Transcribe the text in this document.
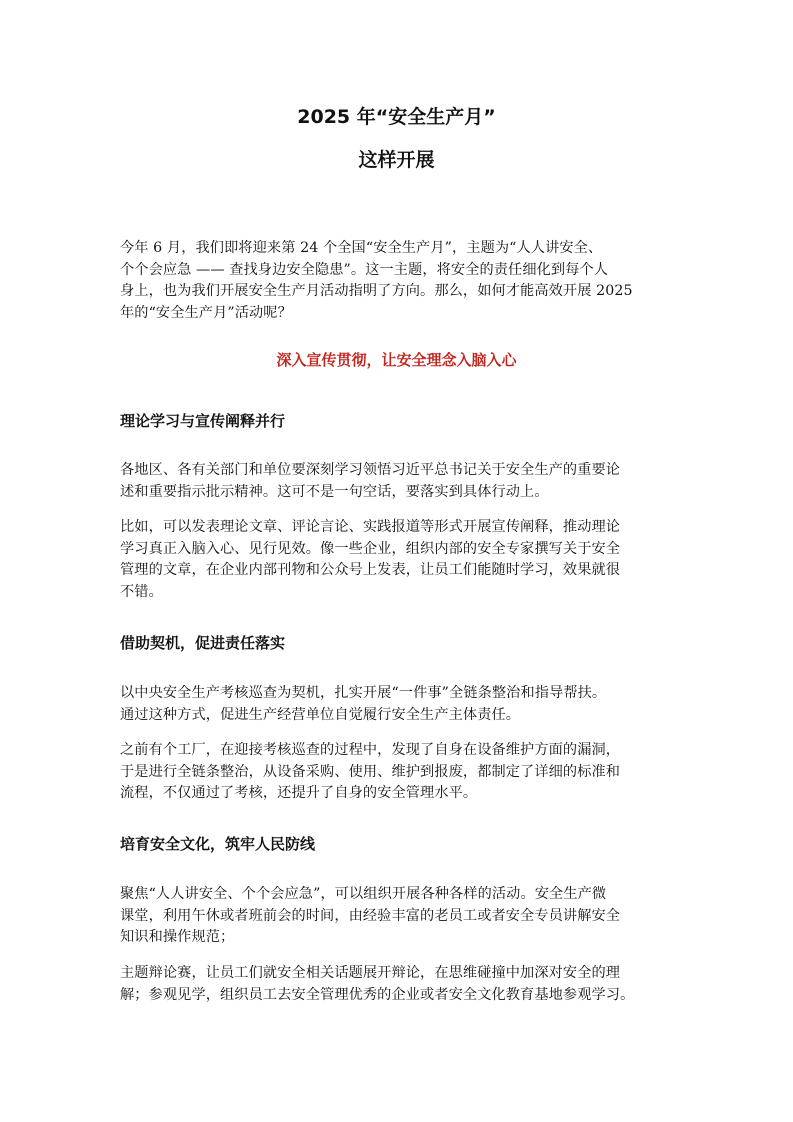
2025 年“安全生产月”
这样开展

今年 6 月，我们即将迎来第 24 个全国“安全生产月”，主题为“人人讲安全、
个个会应急 —— 查找身边安全隐患”。这一主题，将安全的责任细化到每个人
身上，也为我们开展安全生产月活动指明了方向。那么，如何才能高效开展 2025
年的“安全生产月”活动呢？

深入宣传贯彻，让安全理念入脑入心
理论学习与宣传阐释并行

各地区、各有关部门和单位要深刻学习领悟习近平总书记关于安全生产的重要论
述和重要指示批示精神。这可不是一句空话，要落实到具体行动上。

比如，可以发表理论文章、评论言论、实践报道等形式开展宣传阐释，推动理论
学习真正入脑入心、见行见效。像一些企业，组织内部的安全专家撰写关于安全
管理的文章，在企业内部刊物和公众号上发表，让员工们能随时学习，效果就很
不错。

借助契机，促进责任落实

以中央安全生产考核巡查为契机，扎实开展“一件事”全链条整治和指导帮扶。
通过这种方式，促进生产经营单位自觉履行安全生产主体责任。

之前有个工厂，在迎接考核巡查的过程中，发现了自身在设备维护方面的漏洞，
于是进行全链条整治，从设备采购、使用、维护到报废，都制定了详细的标准和
流程，不仅通过了考核，还提升了自身的安全管理水平。

培育安全文化，筑牢人民防线

聚焦“人人讲安全、个个会应急”，可以组织开展各种各样的活动。安全生产微
课堂，利用午休或者班前会的时间，由经验丰富的老员工或者安全专员讲解安全
知识和操作规范；

主题辩论赛，让员工们就安全相关话题展开辩论，在思维碰撞中加深对安全的理
解；参观见学，组织员工去安全管理优秀的企业或者安全文化教育基地参观学习。
